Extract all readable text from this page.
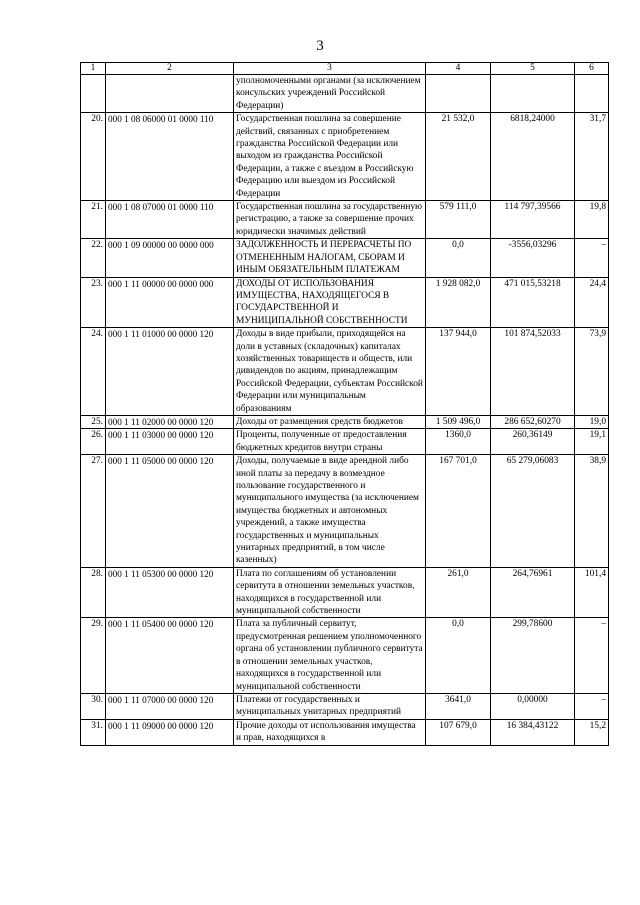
3
1	2	3	4	5	6
		уполномоченными органами (за исключением консульских учреждений Российской Федерации)			
20.	000 1 08 06000 01 0000 110	Государственная пошлина за совершение действий, связанных с приобретением гражданства Российской Федерации или выходом из гражданства Российской Федерации, а также с въездом в Российскую Федерацию или выездом из Российской Федерации	21 532,0	6818,24000	31,7
21.	000 1 08 07000 01 0000 110	Государственная пошлина за государственную регистрацию, а также за совершение прочих юридически значимых действий	579 111,0	114 797,39566	19,8
22.	000 1 09 00000 00 0000 000	ЗАДОЛЖЕННОСТЬ И ПЕРЕРАСЧЕТЫ ПО ОТМЕНЕННЫМ НАЛОГАМ, СБОРАМ И ИНЫМ ОБЯЗАТЕЛЬНЫМ ПЛАТЕЖАМ	0,0	-3556,03296	–
23.	000 1 11 00000 00 0000 000	ДОХОДЫ ОТ ИСПОЛЬЗОВАНИЯ ИМУЩЕСТВА, НАХОДЯЩЕГОСЯ В ГОСУДАРСТВЕННОЙ И МУНИЦИПАЛЬНОЙ СОБСТВЕННОСТИ	1 928 082,0	471 015,53218	24,4
24.	000 1 11 01000 00 0000 120	Доходы в виде прибыли, приходящейся на доли в уставных (складочных) капиталах хозяйственных товариществ и обществ, или дивидендов по акциям, принадлежащим Российской Федерации, субъектам Российской Федерации или муниципальным образованиям	137 944,0	101 874,52033	73,9
25.	000 1 11 02000 00 0000 120	Доходы от размещения средств бюджетов	1 509 496,0	286 652,60270	19,0
26.	000 1 11 03000 00 0000 120	Проценты, полученные от предоставления бюджетных кредитов внутри страны	1360,0	260,36149	19,1
27.	000 1 11 05000 00 0000 120	Доходы, получаемые в виде арендной либо иной платы за передачу в возмездное пользование государственного и муниципального имущества (за исключением имущества бюджетных и автономных учреждений, а также имущества государственных и муниципальных унитарных предприятий, в том числе казенных)	167 701,0	65 279,06083	38,9
28.	000 1 11 05300 00 0000 120	Плата по соглашениям об установлении сервитута в отношении земельных участков, находящихся в государственной или муниципальной собственности	261,0	264,76961	101,4
29.	000 1 11 05400 00 0000 120	Плата за публичный сервитут, предусмотренная решением уполномоченного органа об установлении публичного сервитута в отношении земельных участков, находящихся в государственной или муниципальной собственности	0,0	299,78600	–
30.	000 1 11 07000 00 0000 120	Платежи от государственных и муниципальных унитарных предприятий	3641,0	0,00000	–
31.	000 1 11 09000 00 0000 120	Прочие доходы от использования имущества и прав, находящихся в	107 679,0	16 384,43122	15,2
